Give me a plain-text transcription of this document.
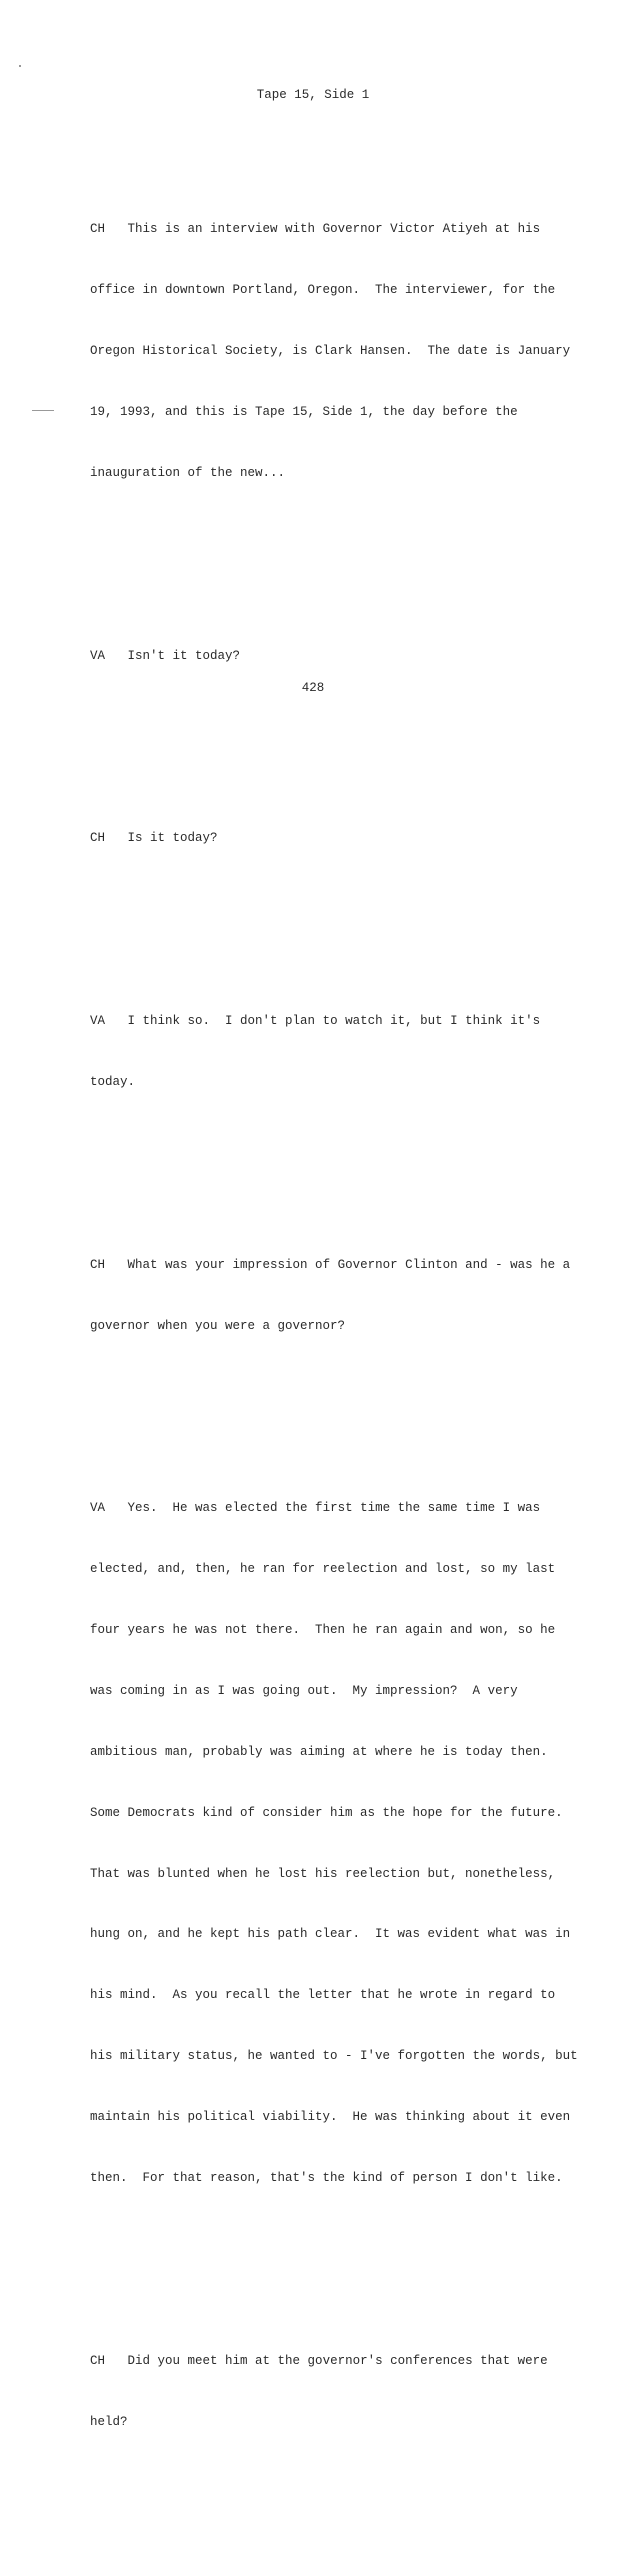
Tape 15, Side 1

CH This is an interview with Governor Victor Atiyeh at his

office in downtown Portland, Oregon.  The interviewer, for the

Oregon Historical Society, is Clark Hansen.  The date is January

19, 1993, and this is Tape 15, Side 1, the day before the

inauguration of the new...

VA Isn't it today?

CH Is it today?

VA I think so.  I don't plan to watch it, but I think it's

today.

CH What was your impression of Governor Clinton and - was he a

governor when you were a governor?

VA Yes.  He was elected the first time the same time I was

elected, and, then, he ran for reelection and lost, so my last

four years he was not there.  Then he ran again and won, so he

was coming in as I was going out.  My impression?  A very

ambitious man, probably was aiming at where he is today then.

Some Democrats kind of consider him as the hope for the future.

That was blunted when he lost his reelection but, nonetheless,

hung on, and he kept his path clear.  It was evident what was in

his mind.  As you recall the letter that he wrote in regard to

his military status, he wanted to - I've forgotten the words, but

maintain his political viability.  He was thinking about it even

then.  For that reason, that's the kind of person I don't like.

CH Did you meet him at the governor's conferences that were

held?

428
